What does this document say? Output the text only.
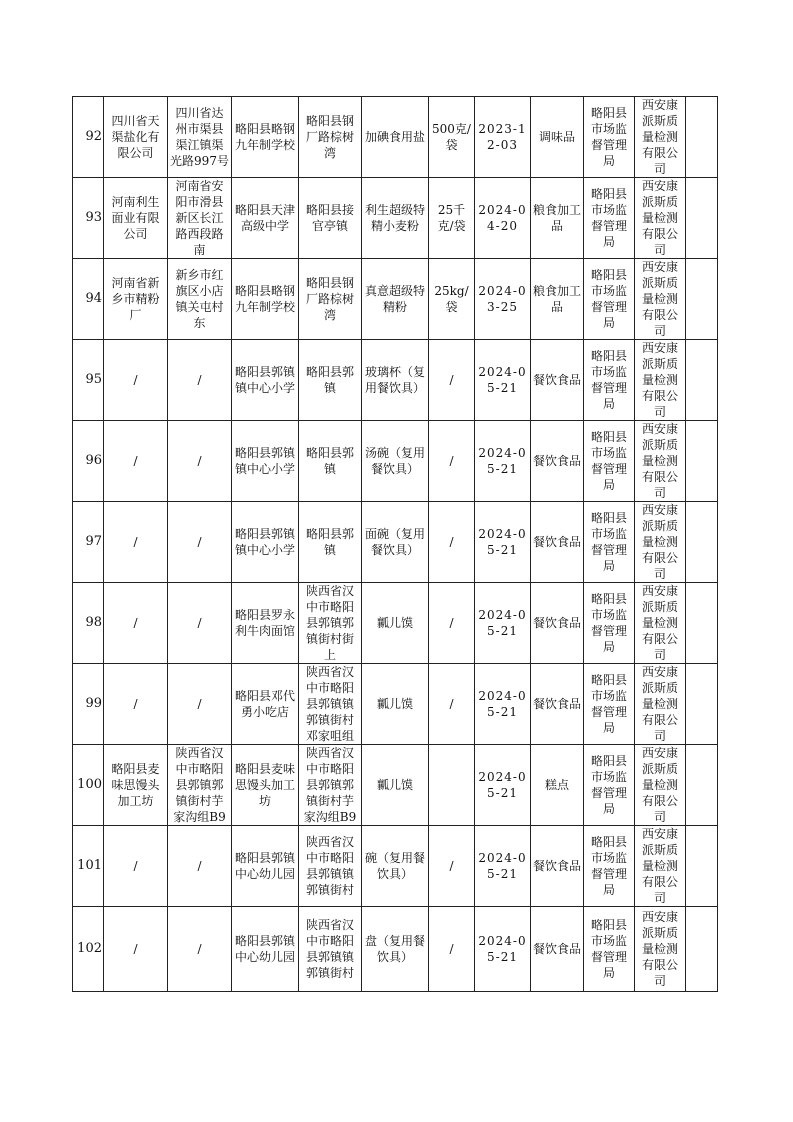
92	四川省天渠盐化有限公司	四川省达州市渠县渠江镇渠光路997号	略阳县略钢九年制学校	略阳县钢厂路棕树湾	加碘食用盐	500克/袋	2023-12-03	调味品	略阳县市场监督管理局	西安康派斯质量检测有限公司	

93	河南利生面业有限公司	河南省安阳市滑县新区长江路西段路南	略阳县天津高级中学	略阳县接官亭镇	利生超级特精小麦粉	25千克/袋	2024-04-20	粮食加工品	略阳县市场监督管理局	西安康派斯质量检测有限公司	

94	河南省新乡市精粉厂	新乡市红旗区小店镇关屯村东	略阳县略钢九年制学校	略阳县钢厂路棕树湾	真意超级特精粉	25kg/袋	2024-03-25	粮食加工品	略阳县市场监督管理局	西安康派斯质量检测有限公司	

95	/	/	略阳县郭镇镇中心小学	略阳县郭镇	玻璃杯（复用餐饮具）	/	2024-05-21	餐饮食品	略阳县市场监督管理局	西安康派斯质量检测有限公司	

96	/	/	略阳县郭镇镇中心小学	略阳县郭镇	汤碗（复用餐饮具）	/	2024-05-21	餐饮食品	略阳县市场监督管理局	西安康派斯质量检测有限公司	

97	/	/	略阳县郭镇镇中心小学	略阳县郭镇	面碗（复用餐饮具）	/	2024-05-21	餐饮食品	略阳县市场监督管理局	西安康派斯质量检测有限公司	

98	/	/	略阳县罗永利牛肉面馆	陕西省汉中市略阳县郭镇郭镇街村街上	瓤儿馍	/	2024-05-21	餐饮食品	略阳县市场监督管理局	西安康派斯质量检测有限公司	

99	/	/	略阳县邓代勇小吃店	陕西省汉中市略阳县郭镇镇郭镇街村邓家咀组	瓤儿馍	/	2024-05-21	餐饮食品	略阳县市场监督管理局	西安康派斯质量检测有限公司	

100	略阳县麦味思馒头加工坊	陕西省汉中市略阳县郭镇郭镇街村芋家沟组B9	略阳县麦味思馒头加工坊	陕西省汉中市略阳县郭镇郭镇街村芋家沟组B9	瓤儿馍		2024-05-21	糕点	略阳县市场监督管理局	西安康派斯质量检测有限公司	

101	/	/	略阳县郭镇中心幼儿园	陕西省汉中市略阳县郭镇镇郭镇街村	碗（复用餐饮具）	/	2024-05-21	餐饮食品	略阳县市场监督管理局	西安康派斯质量检测有限公司	

102	/	/	略阳县郭镇中心幼儿园	陕西省汉中市略阳县郭镇镇郭镇街村	盘（复用餐饮具）	/	2024-05-21	餐饮食品	略阳县市场监督管理局	西安康派斯质量检测有限公司	
